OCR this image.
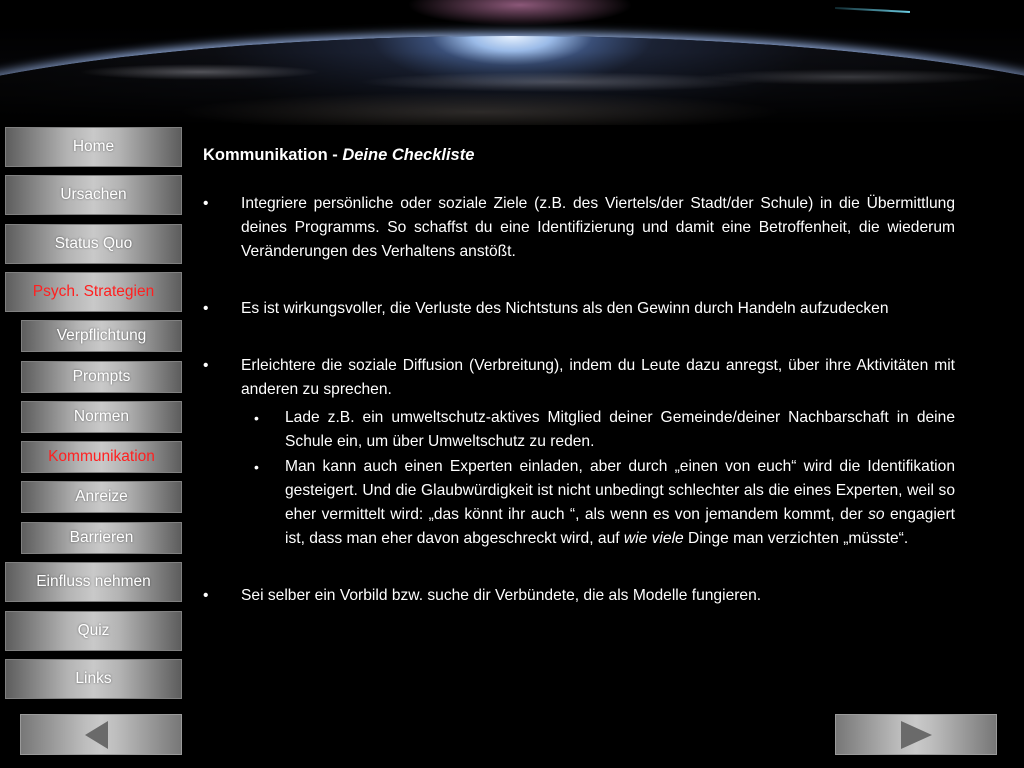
Home
Ursachen
Status Quo
Psych. Strategien
Verpflichtung
Prompts
Normen
Kommunikation
Anreize
Barrieren
Einfluss nehmen
Quiz
Links
Kommunikation - Deine Checkliste
• Integriere persönliche oder soziale Ziele (z.B. des Viertels/der Stadt/der Schule) in die Übermittlung deines Programms. So schaffst du eine Identifizierung und damit eine Betroffenheit, die wiederum Veränderungen des Verhaltens anstößt.
• Es ist wirkungsvoller, die Verluste des Nichtstuns als den Gewinn durch Handeln aufzudecken
• Erleichtere die soziale Diffusion (Verbreitung), indem du Leute dazu anregst, über ihre Aktivitäten mit anderen zu sprechen.
• Lade z.B. ein umweltschutz-aktives Mitglied deiner Gemeinde/deiner Nachbarschaft in deine Schule ein, um über Umweltschutz zu reden.
• Man kann auch einen Experten einladen, aber durch „einen von euch“ wird die Identifikation gesteigert. Und die Glaubwürdigkeit ist nicht unbedingt schlechter als die eines Experten, weil so eher vermittelt wird: „das könnt ihr auch “, als wenn es von jemandem kommt, der so engagiert ist, dass man eher davon abgeschreckt wird, auf wie viele Dinge man verzichten „müsste“.
• Sei selber ein Vorbild bzw. suche dir Verbündete, die als Modelle fungieren.
